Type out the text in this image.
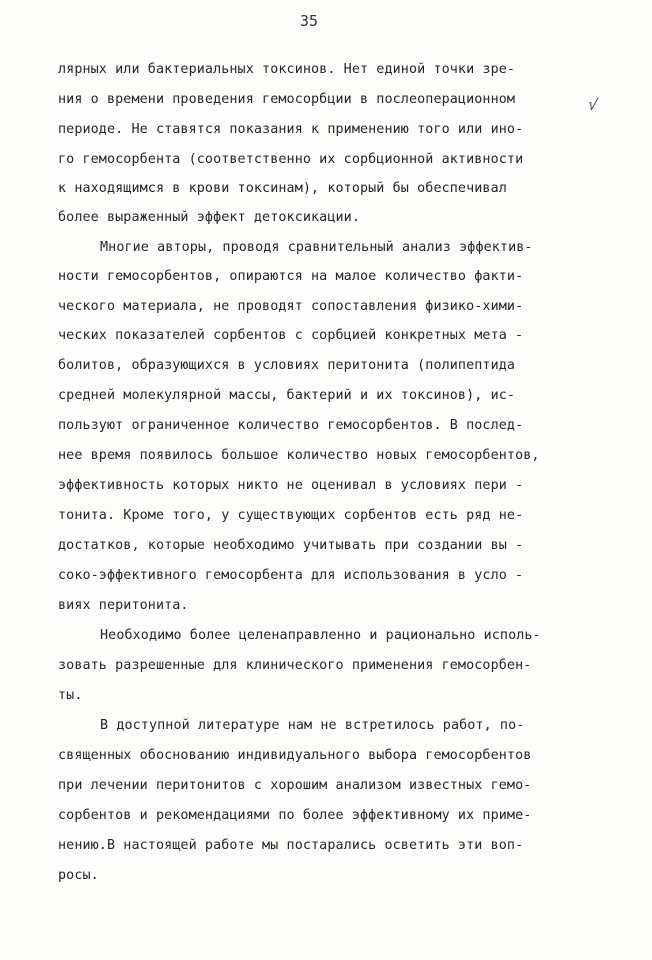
35
√
лярных или бактериальных токсинов. Нет единой точки зре-
ния о времени проведения гемосорбции в послеоперационном
периоде. Не ставятся показания к применению того или ино-
го гемосорбента (соответственно их сорбционной активности
к находящимся в крови токсинам), который бы обеспечивал
более выраженный эффект детоксикации.
Многие авторы, проводя сравнительный анализ эффектив-
ности гемосорбентов, опираются на малое количество факти-
ческого материала, не проводят сопоставления физико-хими-
ческих показателей сорбентов с сорбцией конкретных мета -
болитов, образующихся в условиях перитонита (полипептида
средней молекулярной массы, бактерий и их токсинов), ис-
пользуют ограниченное количество гемосорбентов. В послед-
нее время появилось большое количество новых гемосорбентов,
эффективность которых никто не оценивал в условиях пери -
тонита. Кроме того, у существующих сорбентов есть ряд не-
достатков, которые необходимо учитывать при создании вы -
соко-эффективного гемосорбента для использования в усло -
виях перитонита.
Необходимо более целенаправленно и рационально исполь-
зовать разрешенные для клинического применения гемосорбен-
ты.
В доступной литературе нам не встретилось работ, по-
священных обоснованию индивидуального выбора гемосорбентов
при лечении перитонитов с хорошим анализом известных гемо-
сорбентов и рекомендациями по более эффективному их приме-
нению.В настоящей работе мы постарались осветить эти воп-
росы.
